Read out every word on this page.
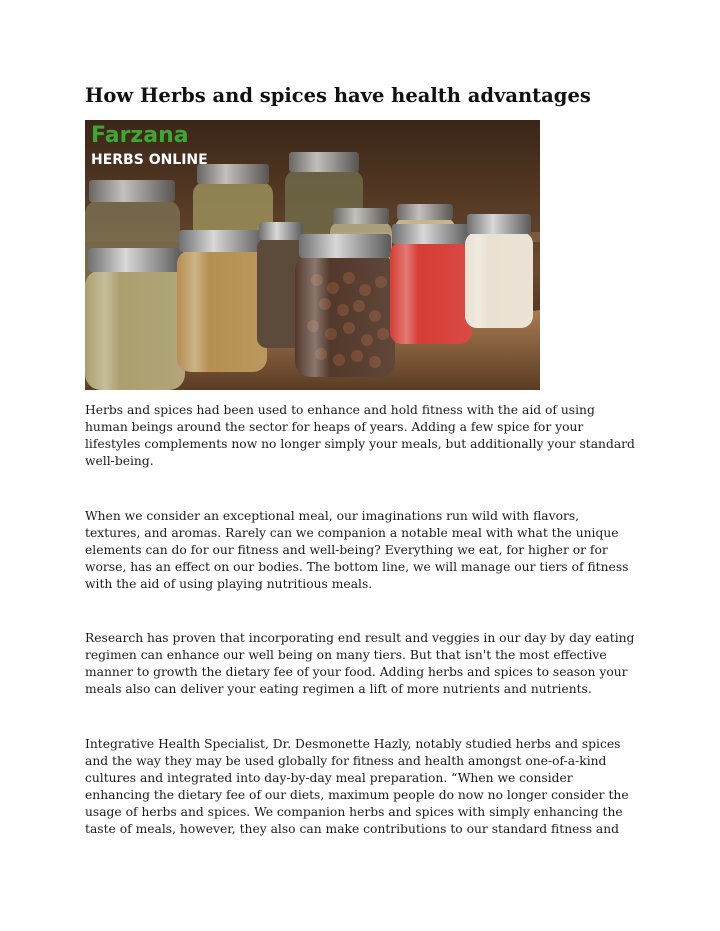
How Herbs and spices have health advantages
Farzana
HERBS ONLINE

Herbs and spices had been used to enhance and hold fitness with the aid of using human beings around the sector for heaps of years. Adding a few spice for your lifestyles complements now no longer simply your meals, but additionally your standard well-being.

When we consider an exceptional meal, our imaginations run wild with flavors, textures, and aromas. Rarely can we companion a notable meal with what the unique elements can do for our fitness and well-being? Everything we eat, for higher or for worse, has an effect on our bodies. The bottom line, we will manage our tiers of fitness with the aid of using playing nutritious meals.

Research has proven that incorporating end result and veggies in our day by day eating regimen can enhance our well being on many tiers. But that isn't the most effective manner to growth the dietary fee of your food. Adding herbs and spices to season your meals also can deliver your eating regimen a lift of more nutrients and nutrients.

Integrative Health Specialist, Dr. Desmonette Hazly, notably studied herbs and spices and the way they may be used globally for fitness and health amongst one-of-a-kind cultures and integrated into day-by-day meal preparation. “When we consider enhancing the dietary fee of our diets, maximum people do now no longer consider the usage of herbs and spices. We companion herbs and spices with simply enhancing the taste of meals, however, they also can make contributions to our standard fitness and
